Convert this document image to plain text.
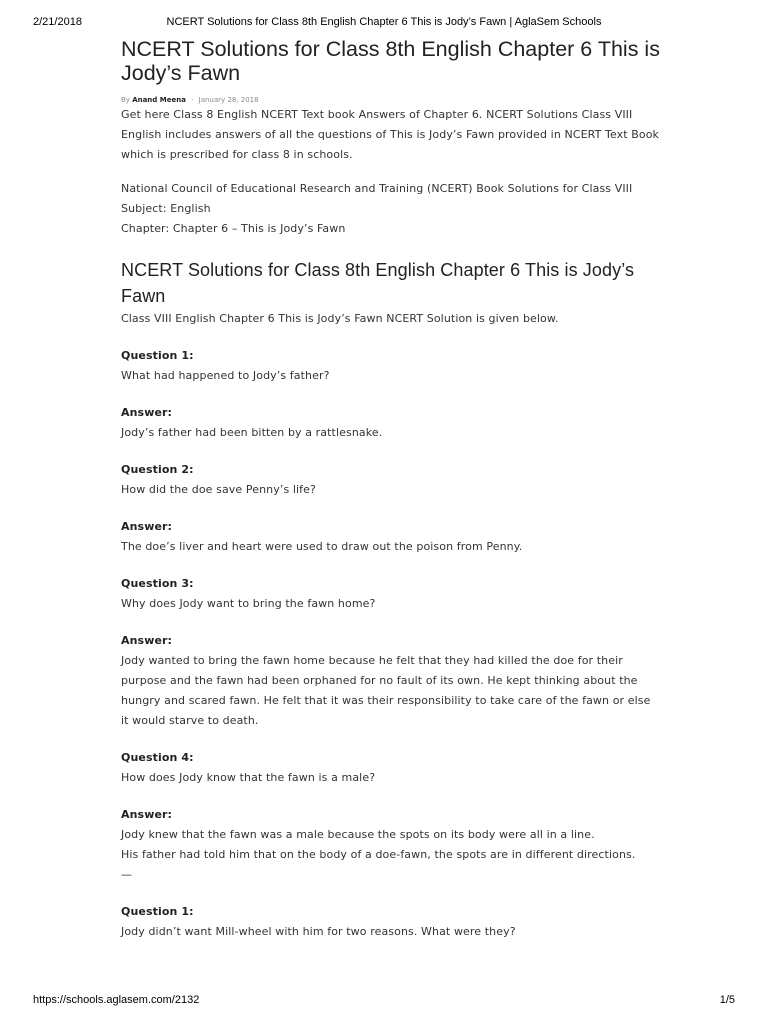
2/21/2018	NCERT Solutions for Class 8th English Chapter 6 This is Jody’s Fawn | AglaSem Schools
NCERT Solutions for Class 8th English Chapter 6 This is Jody’s Fawn
By Anand Meena · January 28, 2018

Get here Class 8 English NCERT Text book Answers of Chapter 6. NCERT Solutions Class VIII English includes answers of all the questions of This is Jody’s Fawn provided in NCERT Text Book which is prescribed for class 8 in schools.

National Council of Educational Research and Training (NCERT) Book Solutions for Class VIII

Subject: English

Chapter: Chapter 6 – This is Jody’s Fawn

NCERT Solutions for Class 8th English Chapter 6 This is Jody’s Fawn

Class VIII English Chapter 6 This is Jody’s Fawn NCERT Solution is given below.

Question 1:

What had happened to Jody’s father?

Answer:

Jody’s father had been bitten by a rattlesnake.

Question 2:

How did the doe save Penny’s life?

Answer:

The doe’s liver and heart were used to draw out the poison from Penny.

Question 3:

Why does Jody want to bring the fawn home?

Answer:

Jody wanted to bring the fawn home because he felt that they had killed the doe for their purpose and the fawn had been orphaned for no fault of its own. He kept thinking about the hungry and scared fawn. He felt that it was their responsibility to take care of the fawn or else it would starve to death.

Question 4:

How does Jody know that the fawn is a male?

Answer:

Jody knew that the fawn was a male because the spots on its body were all in a line.

His father had told him that on the body of a doe-fawn, the spots are in different directions.

—

Question 1:

Jody didn’t want Mill-wheel with him for two reasons. What were they?

https://schools.aglasem.com/2132	1/5
